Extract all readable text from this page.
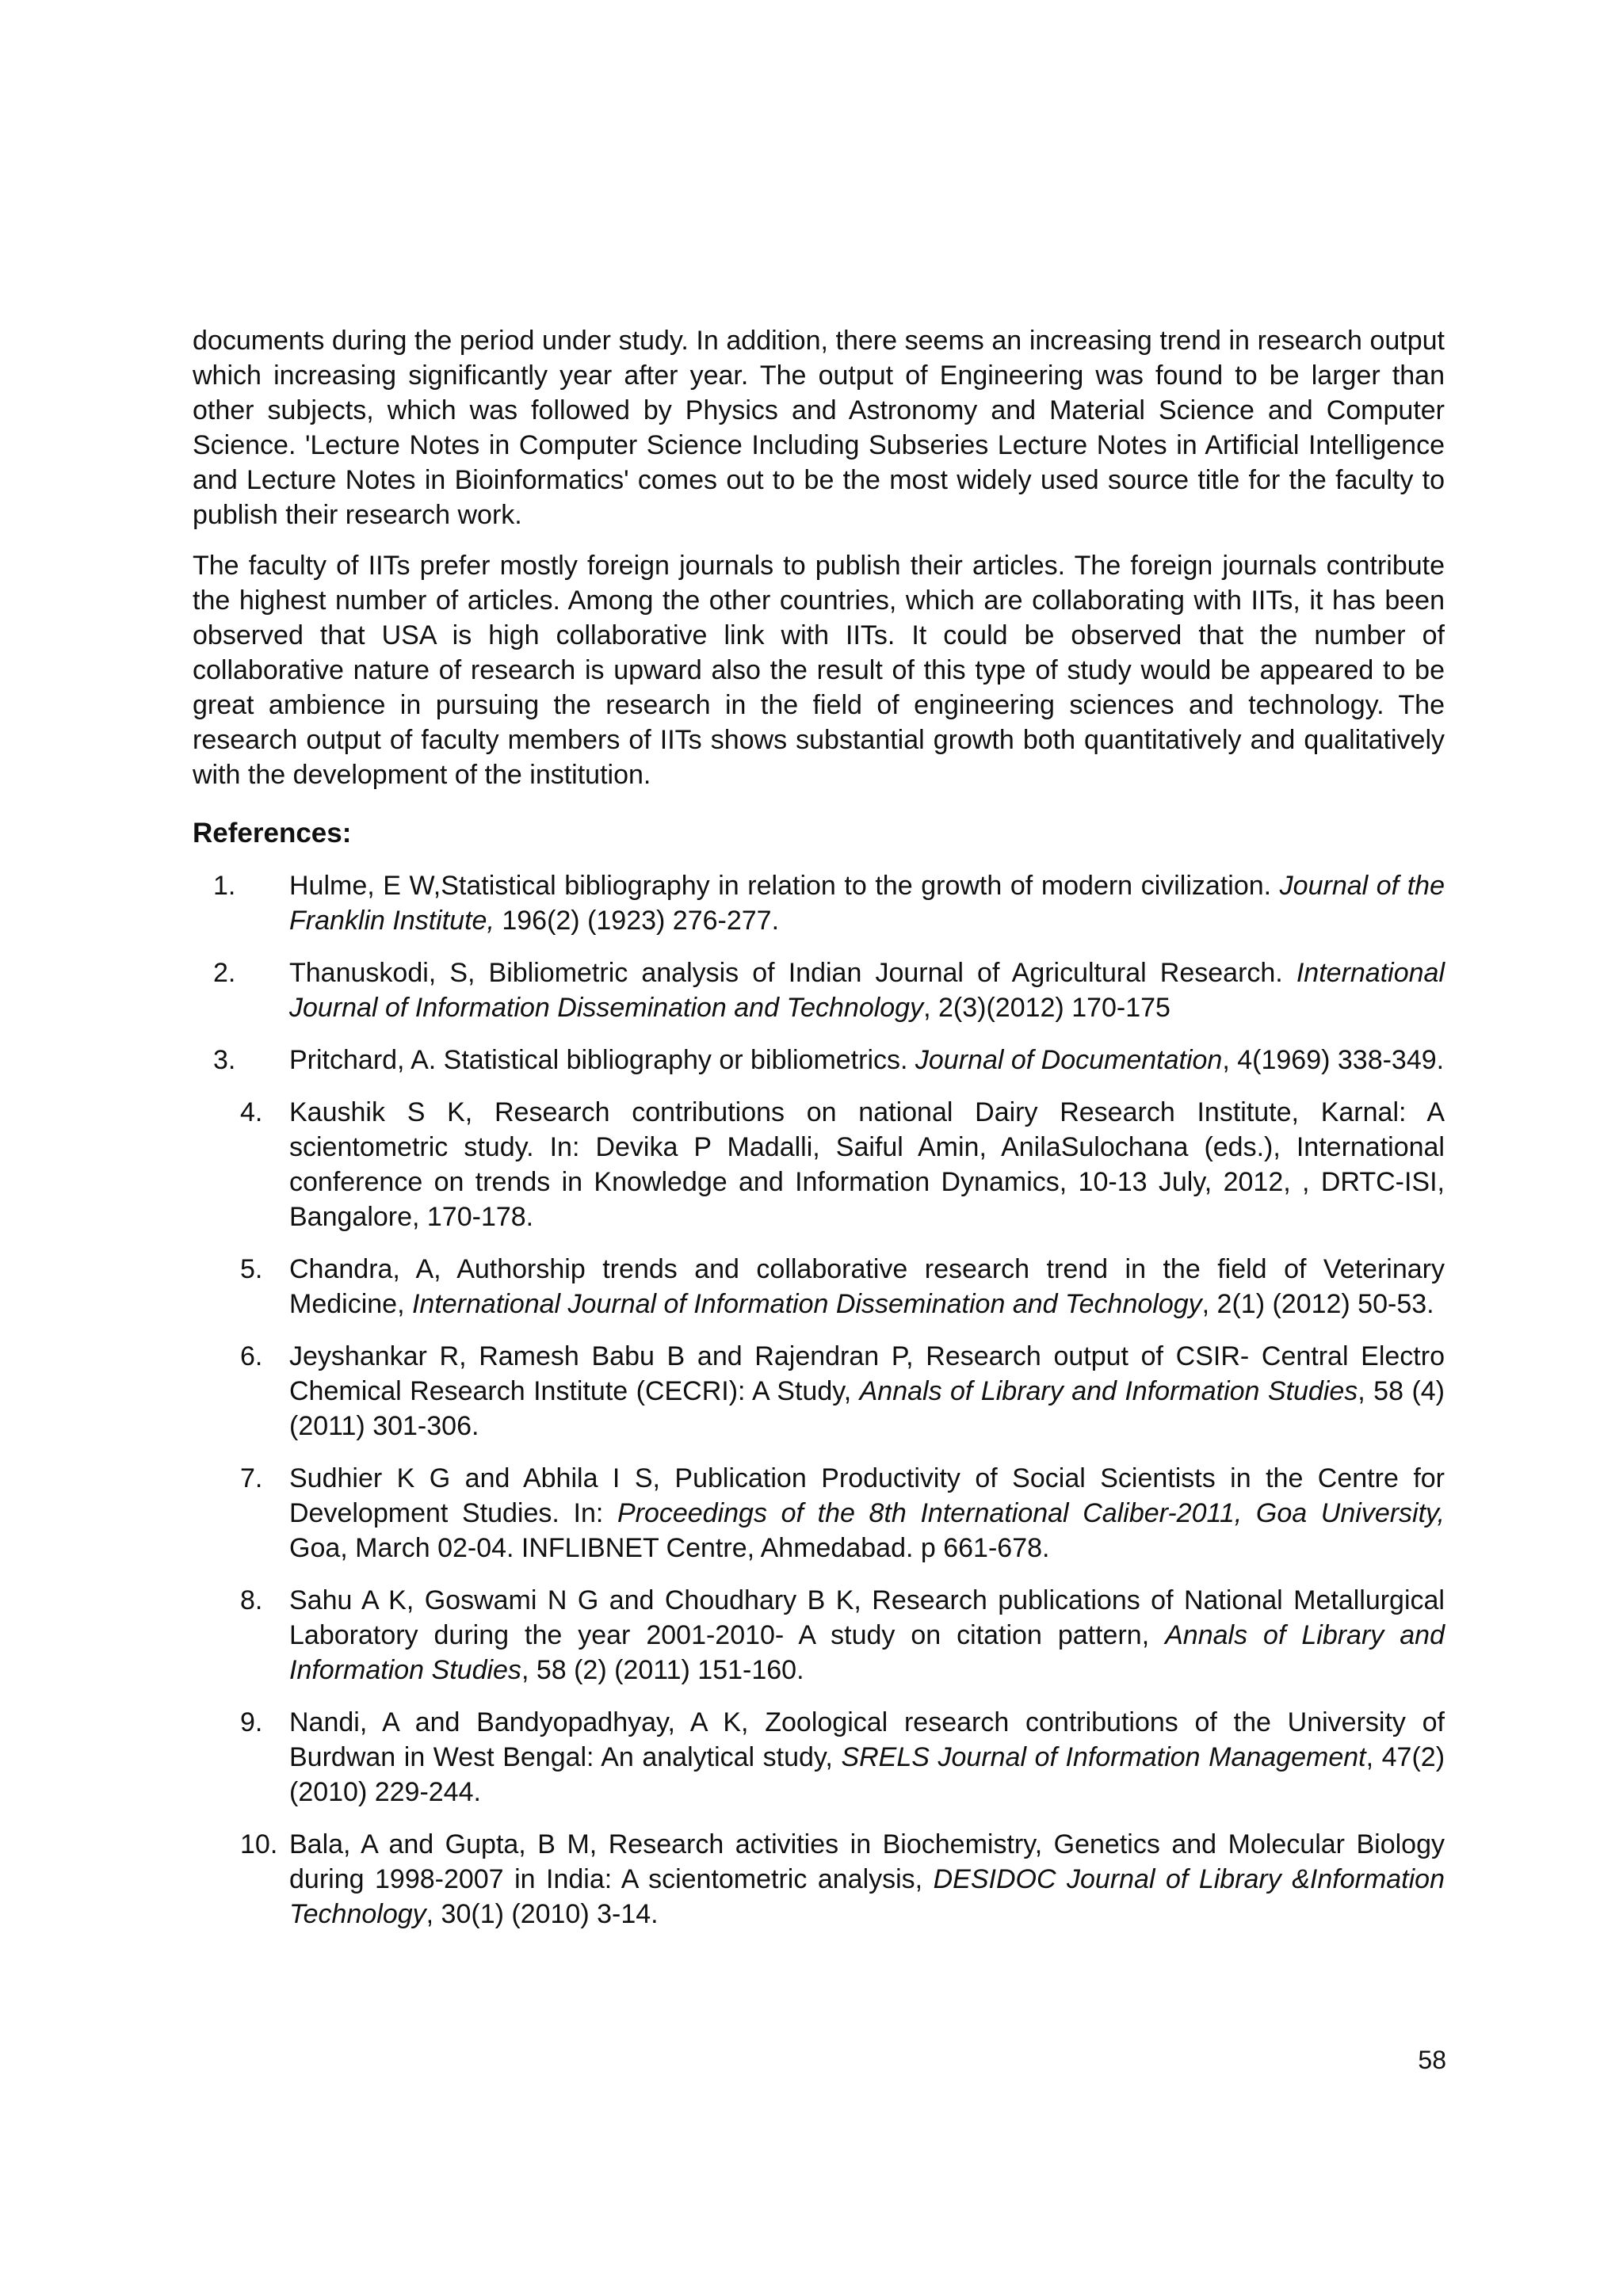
documents during the period under study. In addition, there seems an increasing trend in research output which increasing significantly year after year. The output of Engineering was found to be larger than other subjects, which was followed by Physics and Astronomy and Material Science and Computer Science. 'Lecture Notes in Computer Science Including Subseries Lecture Notes in Artificial Intelligence and Lecture Notes in Bioinformatics' comes out to be the most widely used source title for the faculty to publish their research work.

The faculty of IITs prefer mostly foreign journals to publish their articles. The foreign journals contribute the highest number of articles. Among the other countries, which are collaborating with IITs, it has been observed that USA is high collaborative link with IITs. It could be observed that the number of collaborative nature of research is upward also the result of this type of study would be appeared to be great ambience in pursuing the research in the field of engineering sciences and technology. The research output of faculty members of IITs shows substantial growth both quantitatively and qualitatively with the development of the institution.

References:
1. Hulme, E W,Statistical bibliography in relation to the growth of modern civilization. Journal of the Franklin Institute, 196(2) (1923) 276-277.
2. Thanuskodi, S, Bibliometric analysis of Indian Journal of Agricultural Research. International Journal of Information Dissemination and Technology, 2(3)(2012) 170-175
3. Pritchard, A. Statistical bibliography or bibliometrics. Journal of Documentation, 4(1969) 338-349.
4. Kaushik S K, Research contributions on national Dairy Research Institute, Karnal: A scientometric study. In: Devika P Madalli, Saiful Amin, AnilaSulochana (eds.), International conference on trends in Knowledge and Information Dynamics, 10-13 July, 2012, , DRTC-ISI, Bangalore, 170-178.
5. Chandra, A, Authorship trends and collaborative research trend in the field of Veterinary Medicine, International Journal of Information Dissemination and Technology, 2(1) (2012) 50-53.
6. Jeyshankar R, Ramesh Babu B and Rajendran P, Research output of CSIR- Central Electro Chemical Research Institute (CECRI): A Study, Annals of Library and Information Studies, 58 (4) (2011) 301-306.
7. Sudhier K G and Abhila I S, Publication Productivity of Social Scientists in the Centre for Development Studies. In: Proceedings of the 8th International Caliber-2011, Goa University, Goa, March 02-04. INFLIBNET Centre, Ahmedabad. p 661-678.
8. Sahu A K, Goswami N G and Choudhary B K, Research publications of National Metallurgical Laboratory during the year 2001-2010- A study on citation pattern, Annals of Library and Information Studies, 58 (2) (2011) 151-160.
9. Nandi, A and Bandyopadhyay, A K, Zoological research contributions of the University of Burdwan in West Bengal: An analytical study, SRELS Journal of Information Management, 47(2) (2010) 229-244.
10. Bala, A and Gupta, B M, Research activities in Biochemistry, Genetics and Molecular Biology during 1998-2007 in India: A scientometric analysis, DESIDOC Journal of Library &Information Technology, 30(1) (2010) 3-14.
58
